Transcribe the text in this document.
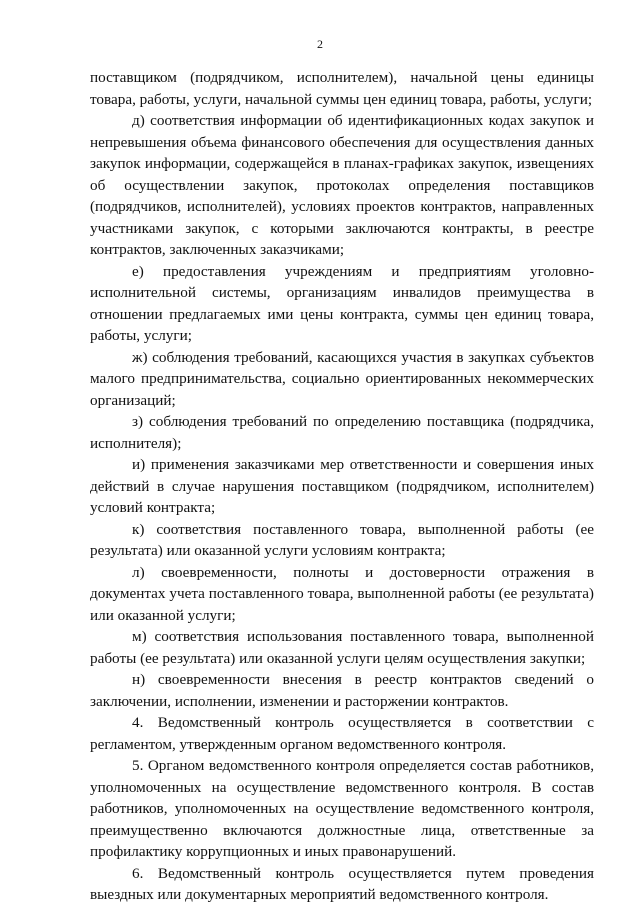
2

поставщиком (подрядчиком, исполнителем), начальной цены единицы товара, работы, услуги, начальной суммы цен единиц товара, работы, услуги;

д) соответствия информации об идентификационных кодах закупок и непревышения объема финансового обеспечения для осуществления данных закупок информации, содержащейся в планах-графиках закупок, извещениях об осуществлении закупок, протоколах определения поставщиков (подрядчиков, исполнителей), условиях проектов контрактов, направленных участниками закупок, с которыми заключаются контракты, в реестре контрактов, заключенных заказчиками;

е) предоставления учреждениям и предприятиям уголовно-исполнительной системы, организациям инвалидов преимущества в отношении предлагаемых ими цены контракта, суммы цен единиц товара, работы, услуги;

ж) соблюдения требований, касающихся участия в закупках субъектов малого предпринимательства, социально ориентированных некоммерческих организаций;

з) соблюдения требований по определению поставщика (подрядчика, исполнителя);

и) применения заказчиками мер ответственности и совершения иных действий в случае нарушения поставщиком (подрядчиком, исполнителем) условий контракта;

к) соответствия поставленного товара, выполненной работы (ее результата) или оказанной услуги условиям контракта;

л) своевременности, полноты и достоверности отражения в документах учета поставленного товара, выполненной работы (ее результата) или оказанной услуги;

м) соответствия использования поставленного товара, выполненной работы (ее результата) или оказанной услуги целям осуществления закупки;

н) своевременности внесения в реестр контрактов сведений о заключении, исполнении, изменении и расторжении контрактов.

4. Ведомственный контроль осуществляется в соответствии с регламентом, утвержденным органом ведомственного контроля.

5. Органом ведомственного контроля определяется состав работников, уполномоченных на осуществление ведомственного контроля. В состав работников, уполномоченных на осуществление ведомственного контроля, преимущественно включаются должностные лица, ответственные за профилактику коррупционных и иных правонарушений.

6. Ведомственный контроль осуществляется путем проведения выездных или документарных мероприятий ведомственного контроля.
